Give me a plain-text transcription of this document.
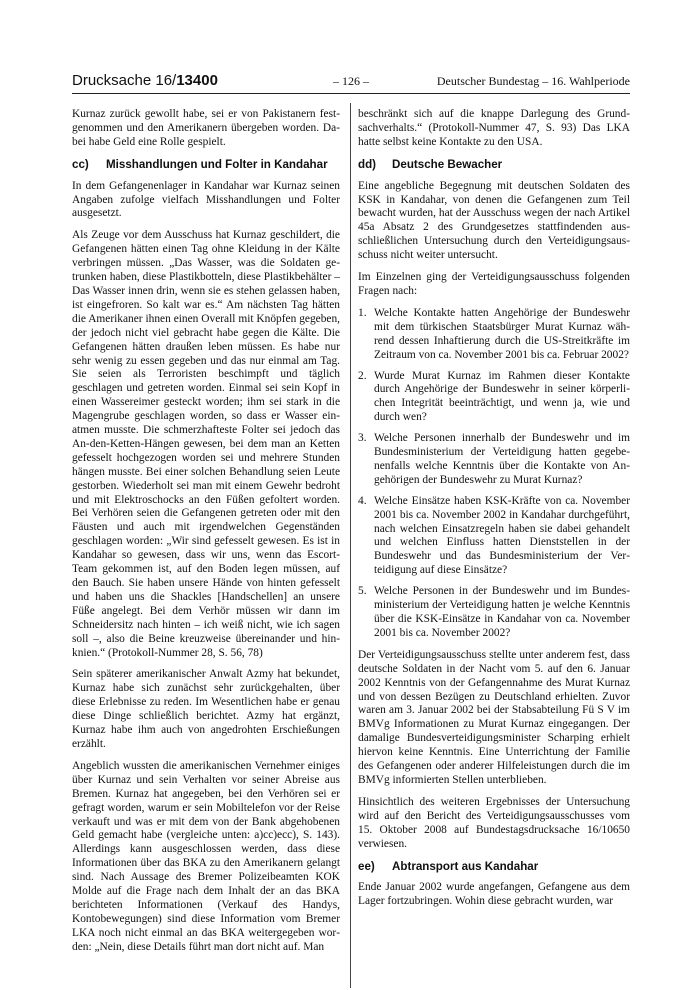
Drucksache 16/13400	– 126 –	Deutscher Bundestag – 16. Wahlperiode

Kurnaz zurück gewollt habe, sei er von Pakistanern festgenommen und den Amerikanern übergeben worden. Dabei habe Geld eine Rolle gespielt.

cc)	Misshandlungen und Folter in Kandahar

In dem Gefangenenlager in Kandahar war Kurnaz seinen Angaben zufolge vielfach Misshandlungen und Folter ausgesetzt.

Als Zeuge vor dem Ausschuss hat Kurnaz geschildert, die Gefangenen hätten einen Tag ohne Kleidung in der Kälte verbringen müssen. „Das Wasser, was die Soldaten getrunken haben, diese Plastikbotteln, diese Plastikbehälter – Das Wasser innen drin, wenn sie es stehen gelassen haben, ist eingefroren. So kalt war es.“ Am nächsten Tag hätten die Amerikaner ihnen einen Overall mit Knöpfen gegeben, der jedoch nicht viel gebracht habe gegen die Kälte. Die Gefangenen hätten draußen leben müssen. Es habe nur sehr wenig zu essen gegeben und das nur einmal am Tag. Sie seien als Terroristen beschimpft und täglich geschlagen und getreten worden. Einmal sei sein Kopf in einen Wassereimer gesteckt worden; ihm sei stark in die Magengrube geschlagen worden, so dass er Wasser einatmen musste. Die schmerzhafteste Folter sei jedoch das An-den-Ketten-Hängen gewesen, bei dem man an Ketten gefesselt hochgezogen worden sei und mehrere Stunden hängen musste. Bei einer solchen Behandlung seien Leute gestorben. Wiederholt sei man mit einem Gewehr bedroht und mit Elektroschocks an den Füßen gefoltert worden. Bei Verhören seien die Gefangenen getreten oder mit den Fäusten und auch mit irgendwelchen Gegenständen geschlagen worden: „Wir sind gefesselt gewesen. Es ist in Kandahar so gewesen, dass wir uns, wenn das Escort-Team gekommen ist, auf den Boden legen müssen, auf den Bauch. Sie haben unsere Hände von hinten gefesselt und haben uns die Shackles [Handschellen] an unsere Füße angelegt. Bei dem Verhör müssen wir dann im Schneidersitz nach hinten – ich weiß nicht, wie ich sagen soll –, also die Beine kreuzweise übereinander und hinknien.“ (Protokoll-Nummer 28, S. 56, 78)

Sein späterer amerikanischer Anwalt Azmy hat bekundet, Kurnaz habe sich zunächst sehr zurückgehalten, über diese Erlebnisse zu reden. Im Wesentlichen habe er genau diese Dinge schließlich berichtet. Azmy hat ergänzt, Kurnaz habe ihm auch von angedrohten Erschießungen erzählt.

Angeblich wussten die amerikanischen Vernehmer einiges über Kurnaz und sein Verhalten vor seiner Abreise aus Bremen. Kurnaz hat angegeben, bei den Verhören sei er gefragt worden, warum er sein Mobiltelefon vor der Reise verkauft und was er mit dem von der Bank abgehobenen Geld gemacht habe (vergleiche unten: a)cc)ecc), S. 143). Allerdings kann ausgeschlossen werden, dass diese Informationen über das BKA zu den Amerikanern gelangt sind. Nach Aussage des Bremer Polizeibeamten KOK Molde auf die Frage nach dem Inhalt der an das BKA berichteten Informationen (Verkauf des Handys, Kontobewegungen) sind diese Information vom Bremer LKA noch nicht einmal an das BKA weitergegeben worden: „Nein, diese Details führt man dort nicht auf. Man

beschränkt sich auf die knappe Darlegung des Grundsachverhalts.“ (Protokoll-Nummer 47, S. 93) Das LKA hatte selbst keine Kontakte zu den USA.

dd)	Deutsche Bewacher

Eine angebliche Begegnung mit deutschen Soldaten des KSK in Kandahar, von denen die Gefangenen zum Teil bewacht wurden, hat der Ausschuss wegen der nach Artikel 45a Absatz 2 des Grundgesetzes stattfindenden ausschließlichen Untersuchung durch den Verteidigungsausschuss nicht weiter untersucht.

Im Einzelnen ging der Verteidigungsausschuss folgenden Fragen nach:

1. Welche Kontakte hatten Angehörige der Bundeswehr mit dem türkischen Staatsbürger Murat Kurnaz während dessen Inhaftierung durch die US-Streitkräfte im Zeitraum von ca. November 2001 bis ca. Februar 2002?
2. Wurde Murat Kurnaz im Rahmen dieser Kontakte durch Angehörige der Bundeswehr in seiner körperlichen Integrität beeinträchtigt, und wenn ja, wie und durch wen?
3. Welche Personen innerhalb der Bundeswehr und im Bundesministerium der Verteidigung hatten gegebenenfalls welche Kenntnis über die Kontakte von Angehörigen der Bundeswehr zu Murat Kurnaz?
4. Welche Einsätze haben KSK-Kräfte von ca. November 2001 bis ca. November 2002 in Kandahar durchgeführt, nach welchen Einsatzregeln haben sie dabei gehandelt und welchen Einfluss hatten Dienststellen in der Bundeswehr und das Bundesministerium der Verteidigung auf diese Einsätze?
5. Welche Personen in der Bundeswehr und im Bundesministerium der Verteidigung hatten je welche Kenntnis über die KSK-Einsätze in Kandahar von ca. November 2001 bis ca. November 2002?

Der Verteidigungsausschuss stellte unter anderem fest, dass deutsche Soldaten in der Nacht vom 5. auf den 6. Januar 2002 Kenntnis von der Gefangennahme des Murat Kurnaz und von dessen Bezügen zu Deutschland erhielten. Zuvor waren am 3. Januar 2002 bei der Stabsabteilung Fü S V im BMVg Informationen zu Murat Kurnaz eingegangen. Der damalige Bundesverteidigungsminister Scharping erhielt hiervon keine Kenntnis. Eine Unterrichtung der Familie des Gefangenen oder anderer Hilfeleistungen durch die im BMVg informierten Stellen unterblieben.

Hinsichtlich des weiteren Ergebnisses der Untersuchung wird auf den Bericht des Verteidigungsausschusses vom 15. Oktober 2008 auf Bundestagsdrucksache 16/10650 verwiesen.

ee)	Abtransport aus Kandahar

Ende Januar 2002 wurde angefangen, Gefangene aus dem Lager fortzubringen. Wohin diese gebracht wurden, war
